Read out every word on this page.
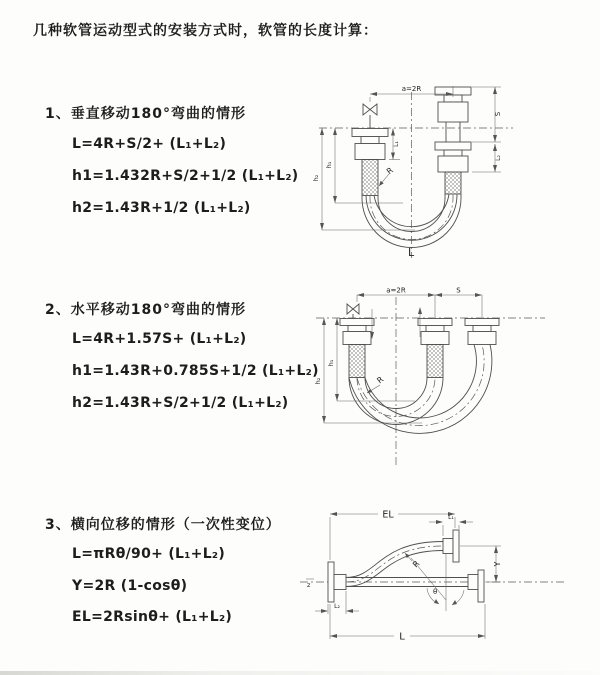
几种软管运动型式的安装方式时，软管的长度计算：
1、垂直移动180°弯曲的情形
L=4R+S/2+ (L₁+L₂)
h1=1.432R+S/2+1/2 (L₁+L₂)
h2=1.43R+1/2 (L₁+L₂)
a=2R
S
L₂
L₁
h₁
h₂
R
L
2、水平移动180°弯曲的情形
L=4R+1.57S+ (L₁+L₂)
h1=1.43R+0.785S+1/2 (L₁+L₂)
h2=1.43R+S/2+1/2 (L₁+L₂)
a=2R	S
h₁
h₂	R
3、横向位移的情形（一次性变位）
L=πRθ/90+ (L₁+L₂)
Y=2R (1-cosθ)
EL=2Rsinθ+ (L₁+L₂)
z
θ
R
EL	L₁
Y
L
L₂
